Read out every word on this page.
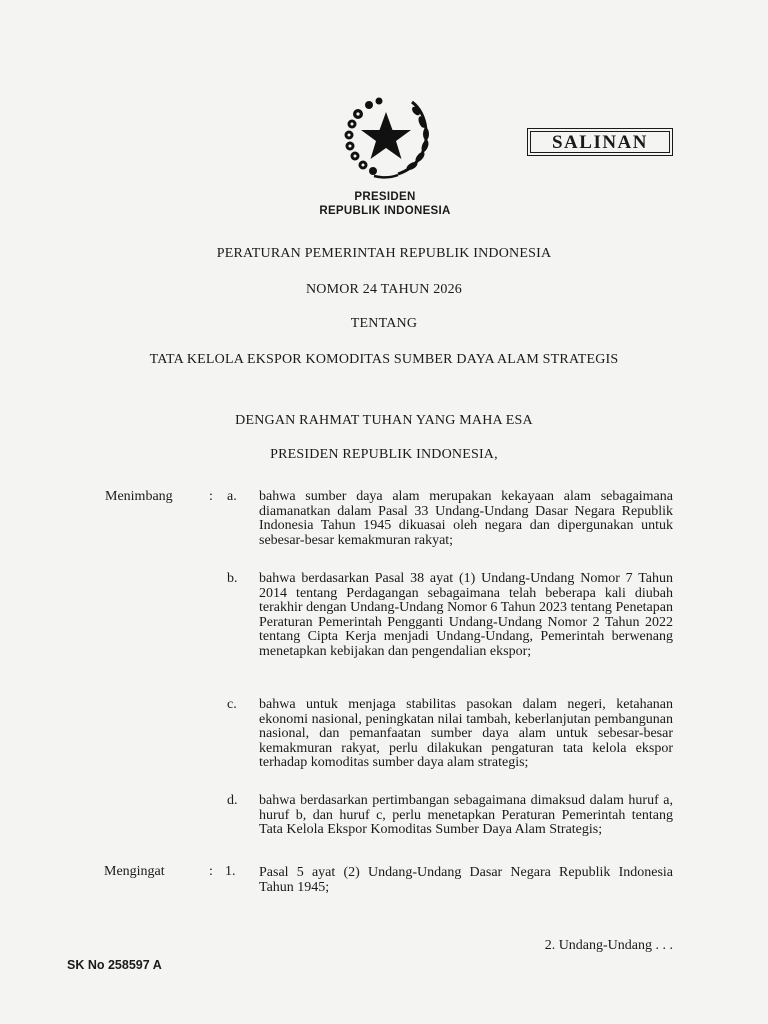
PRESIDEN
REPUBLIK INDONESIA
SALINAN
PERATURAN PEMERINTAH REPUBLIK INDONESIA
NOMOR 24 TAHUN 2026
TENTANG
TATA KELOLA EKSPOR KOMODITAS SUMBER DAYA ALAM STRATEGIS
DENGAN RAHMAT TUHAN YANG MAHA ESA
PRESIDEN REPUBLIK INDONESIA,
Menimbang	: a. bahwa sumber daya alam merupakan kekayaan alam sebagaimana diamanatkan dalam Pasal 33 Undang-Undang Dasar Negara Republik Indonesia Tahun 1945 dikuasai oleh negara dan dipergunakan untuk sebesar-besar kemakmuran rakyat;

b. bahwa berdasarkan Pasal 38 ayat (1) Undang-Undang Nomor 7 Tahun 2014 tentang Perdagangan sebagaimana telah beberapa kali diubah terakhir dengan Undang-Undang Nomor 6 Tahun 2023 tentang Penetapan Peraturan Pemerintah Pengganti Undang-Undang Nomor 2 Tahun 2022 tentang Cipta Kerja menjadi Undang-Undang, Pemerintah berwenang menetapkan kebijakan dan pengendalian ekspor;

c. bahwa untuk menjaga stabilitas pasokan dalam negeri, ketahanan ekonomi nasional, peningkatan nilai tambah, keberlanjutan pembangunan nasional, dan pemanfaatan sumber daya alam untuk sebesar-besar kemakmuran rakyat, perlu dilakukan pengaturan tata kelola ekspor terhadap komoditas sumber daya alam strategis;

d. bahwa berdasarkan pertimbangan sebagaimana dimaksud dalam huruf a, huruf b, dan huruf c, perlu menetapkan Peraturan Pemerintah tentang Tata Kelola Ekspor Komoditas Sumber Daya Alam Strategis;

Mengingat	: 1. Pasal 5 ayat (2) Undang-Undang Dasar Negara Republik Indonesia Tahun 1945;

2. Undang-Undang . . .
SK No 258597 A
